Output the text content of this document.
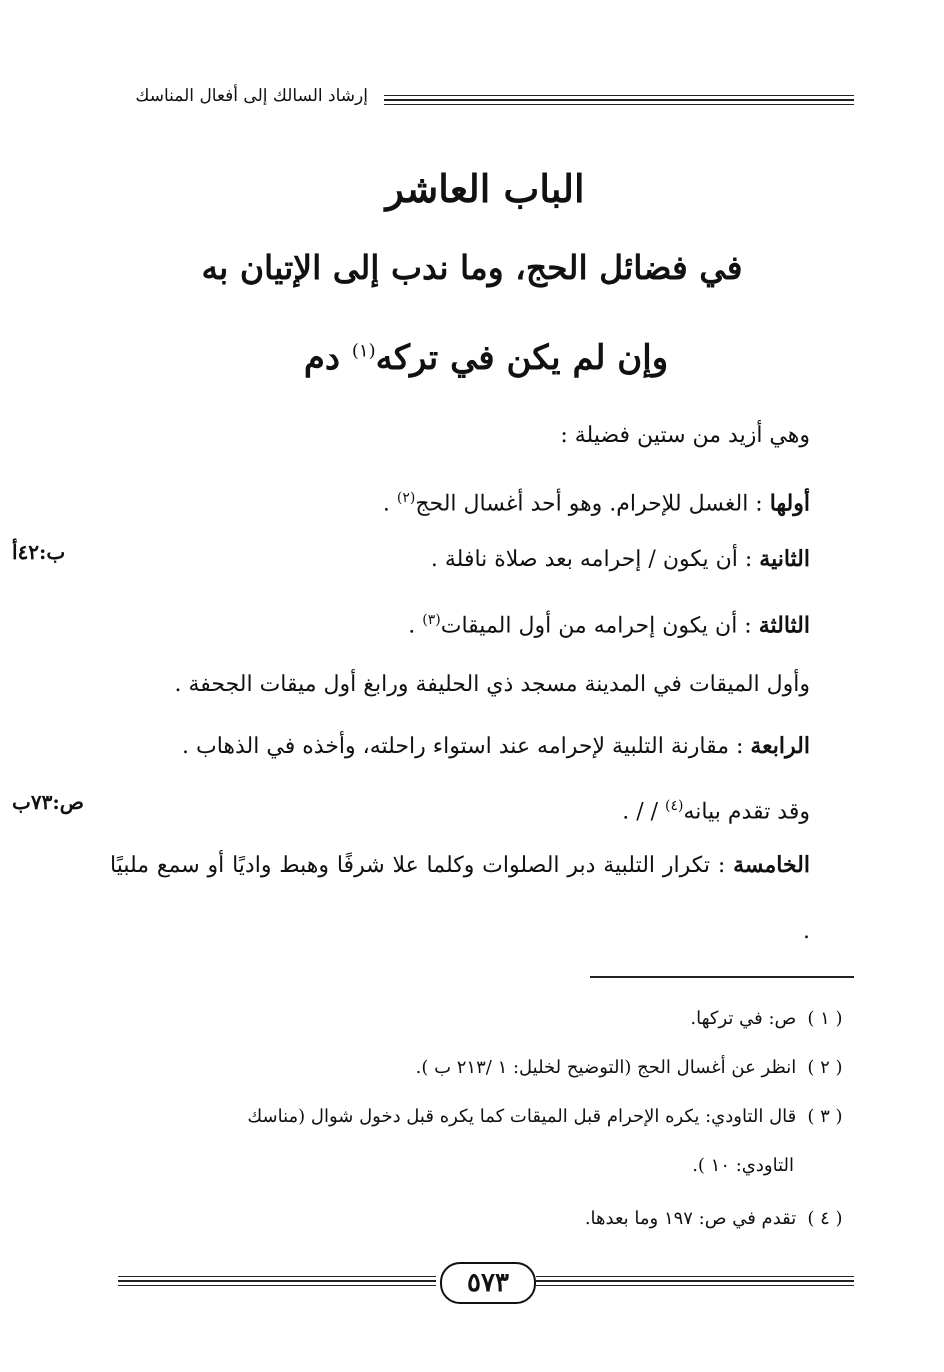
إرشاد السالك إلى أفعال المناسك
الباب العاشر
في فضائل الحج، وما ندب إلى الإتيان به
وإن لم يكن في تركه$^{(١)}$ دم
وهي أزيد من ستين فضيلة :
أولها : الغسل للإحرام. وهو أحد أغسال الحج$^{(٢)}$ .
الثانية : أن يكون / إحرامه بعد صلاة نافلة .
الثالثة : أن يكون إحرامه من أول الميقات$^{(٣)}$ .
وأول الميقات في المدينة مسجد ذي الحليفة ورابغ أول ميقات الجحفة .
الرابعة : مقارنة التلبية لإحرامه عند استواء راحلته، وأخذه في الذهاب .
وقد تقدم بيانه$^{(٤)}$ / / .
الخامسة : تكرار التلبية دبر الصلوات وكلما علا شرفًا وهبط واديًا أو سمع ملبيًا .
ب:٤٢أ
ص:٧٣ب
( ١ ) ص: في تركها.
( ٢ ) انظر عن أغسال الحج (التوضيح لخليل: ١ /٢١٣ ب ).
( ٣ ) قال التاودي: يكره الإحرام قبل الميقات كما يكره قبل دخول شوال (مناسك
التاودي: ١٠ ).
( ٤ ) تقدم في ص: ١٩٧ وما بعدها.
٥٧٣
